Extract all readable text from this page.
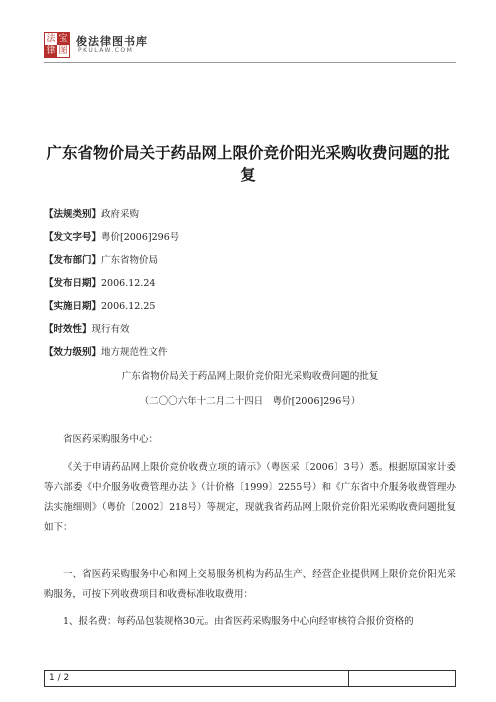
法 宝
律 图
俊法律图书库
PKULAW.COM
广东省物价局关于药品网上限价竞价阳光采购收费问题的批复
【法规类别】政府采购
【发文字号】粤价[2006]296号
【发布部门】广东省物价局
【发布日期】2006.12.24
【实施日期】2006.12.25
【时效性】现行有效
【效力级别】地方规范性文件
广东省物价局关于药品网上限价竞价阳光采购收费问题的批复
（二〇〇六年十二月二十四日　粤价[2006]296号）
省医药采购服务中心：
《关于申请药品网上限价竞价收费立项的请示》（粤医采〔2006〕3号）悉。根据原国家计委等六部委《中介服务收费管理办法 》（计价格〔1999〕2255号）和《广东省中介服务收费管理办法实施细则》（粤价〔2002〕218号）等规定，现就我省药品网上限价竞价阳光采购收费问题批复如下：
一、省医药采购服务中心和网上交易服务机构为药品生产、经营企业提供网上限价竞价阳光采购服务，可按下列收费项目和收费标准收取费用：
1、报名费：每药品包装规格30元。由省医药采购服务中心向经审核符合报价资格的
1 / 2
